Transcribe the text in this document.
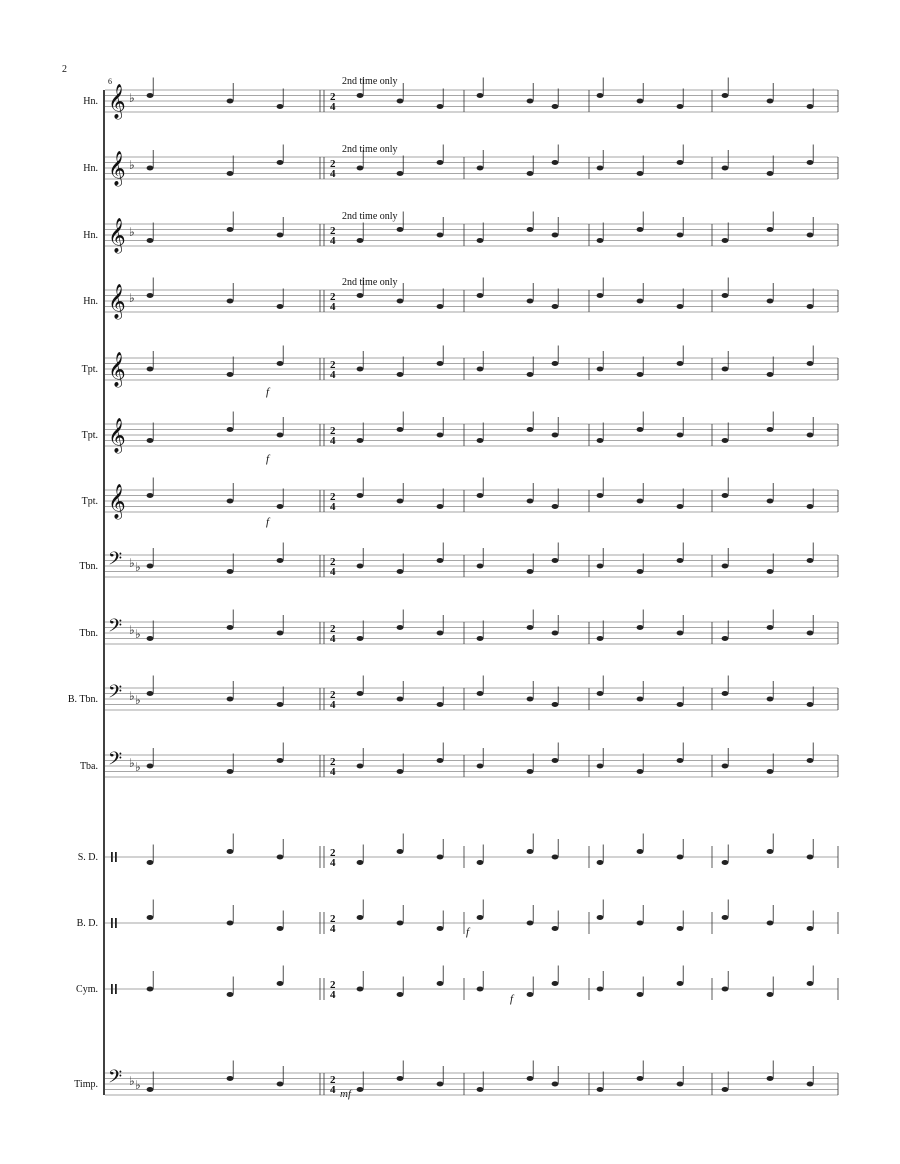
2
6	2nd time only
2nd time only
2nd time only
2nd time only
f
f
f
f
f
mf
Hn. 𝄞 ♭	2
4
Hn. 𝄞 ♭	2
4
Hn. 𝄞 ♭	2
4
Hn. 𝄞 ♭	2
4
Tpt. 𝄞	2
4
Tpt. 𝄞	2
4
Tpt. 𝄞	2
4
Tbn. 𝄢 ♭ ♭	2
4
Tbn. 𝄢 ♭ ♭	2
4
B. Tbn. 𝄢 ♭ ♭	2
4
Tba. 𝄢 ♭ ♭	2
4
S. D.	2
4
B. D.	2
4
Cym.	2
4
Timp. 𝄢 ♭ ♭	2
4
